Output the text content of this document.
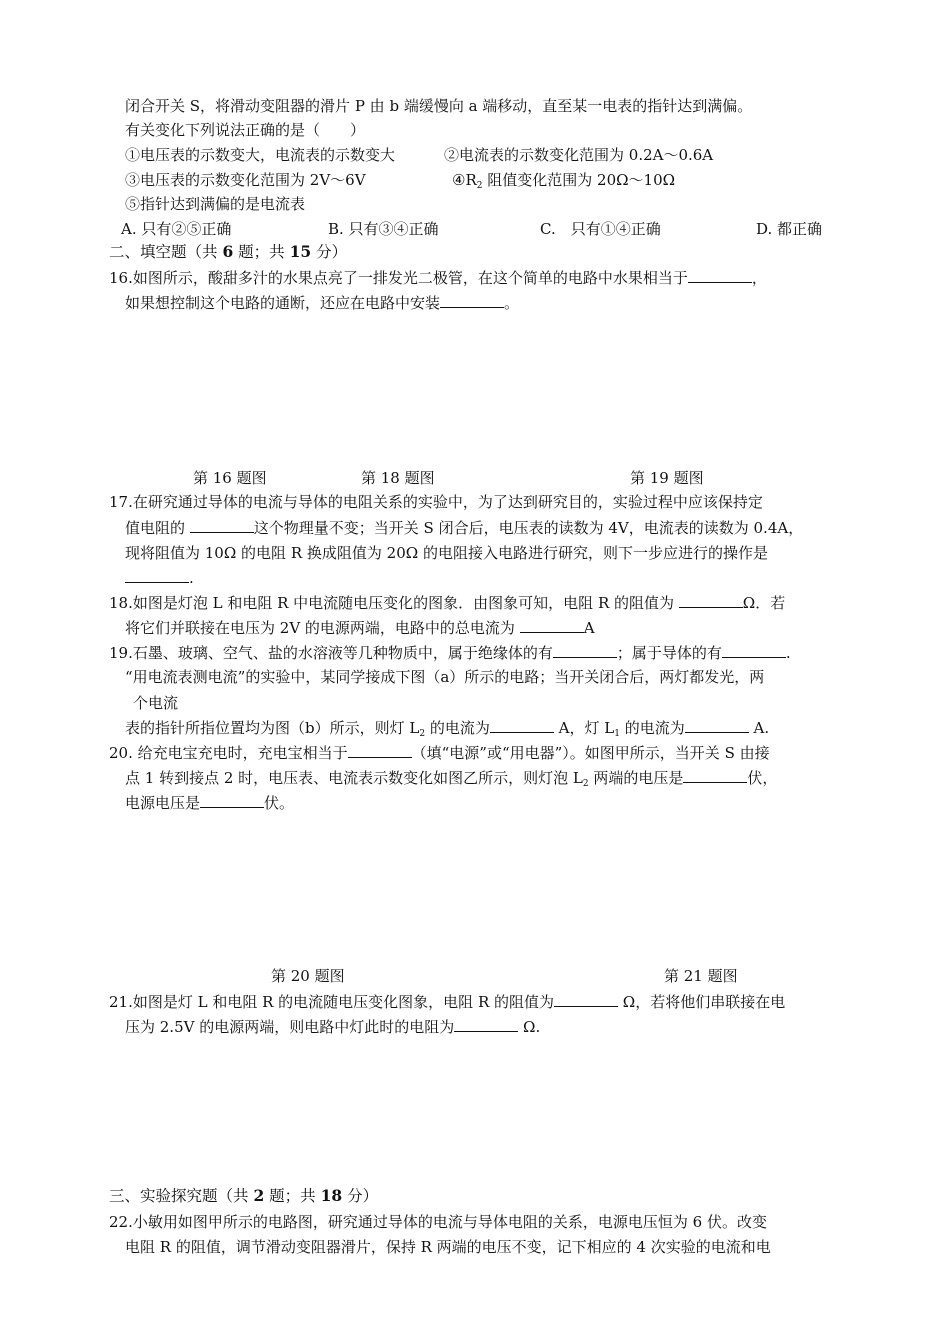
闭合开关 S，将滑动变阻器的滑片 P 由 b 端缓慢向 a 端移动，直至某一电表的指针达到满偏。
有关变化下列说法正确的是（　　）
①电压表的示数变大，电流表的示数变大	②电流表的示数变化范围为 0.2A～0.6A
③电压表的示数变化范围为 2V～6V	$④R_2$ 阻值变化范围为 20Ω～10Ω
⑤指针达到满偏的是电流表
A. 只有②⑤正确	B. 只有③④正确	C.　只有①④正确	D. 都正确
二、填空题（共 6 题；共 15 分）
16.如图所示，酸甜多汁的水果点亮了一排发光二极管，在这个简单的电路中水果相当于	，
如果想控制这个电路的通断，还应在电路中安装	。
第 16 题图	第 18 题图	第 19 题图
17.在研究通过导体的电流与导体的电阻关系的实验中，为了达到研究目的，实验过程中应该保持定
值电阻的	这个物理量不变；当开关 S 闭合后，电压表的读数为 4V，电流表的读数为 0.4A，
现将阻值为 10Ω 的电阻 R 换成阻值为 20Ω 的电阻接入电路进行研究，则下一步应进行的操作是
.
18.如图是灯泡 L 和电阻 R 中电流随电压变化的图象．由图象可知，电阻 R 的阻值为	Ω．若
将它们并联接在电压为 2V 的电源两端，电路中的总电流为	A
19.石墨、玻璃、空气、盐的水溶液等几种物质中，属于绝缘体的有	；属于导体的有	.
“用电流表测电流”的实验中，某同学接成下图（a）所示的电路；当开关闭合后，两灯都发光，两
个电流
表的指针所指位置均为图（b）所示，则灯 $L_2$ 的电流为	A，灯 $L_1$ 的电流为	A.
20. 给充电宝充电时，充电宝相当于	（填“电源”或“用电器”）。如图甲所示，当开关 S 由接
点 1 转到接点 2 时，电压表、电流表示数变化如图乙所示，则灯泡 $L_2$ 两端的电压是	伏，
电源电压是	伏。
第 20 题图	第 21 题图
21.如图是灯 L 和电阻 R 的电流随电压变化图象，电阻 R 的阻值为	Ω，若将他们串联接在电
压为 2.5V 的电源两端，则电路中灯此时的电阻为	Ω.
三、实验探究题（共 2 题；共 18 分）
22.小敏用如图甲所示的电路图，研究通过导体的电流与导体电阻的关系，电源电压恒为 6 伏。改变
电阻 R 的阻值，调节滑动变阻器滑片，保持 R 两端的电压不变，记下相应的 4 次实验的电流和电
